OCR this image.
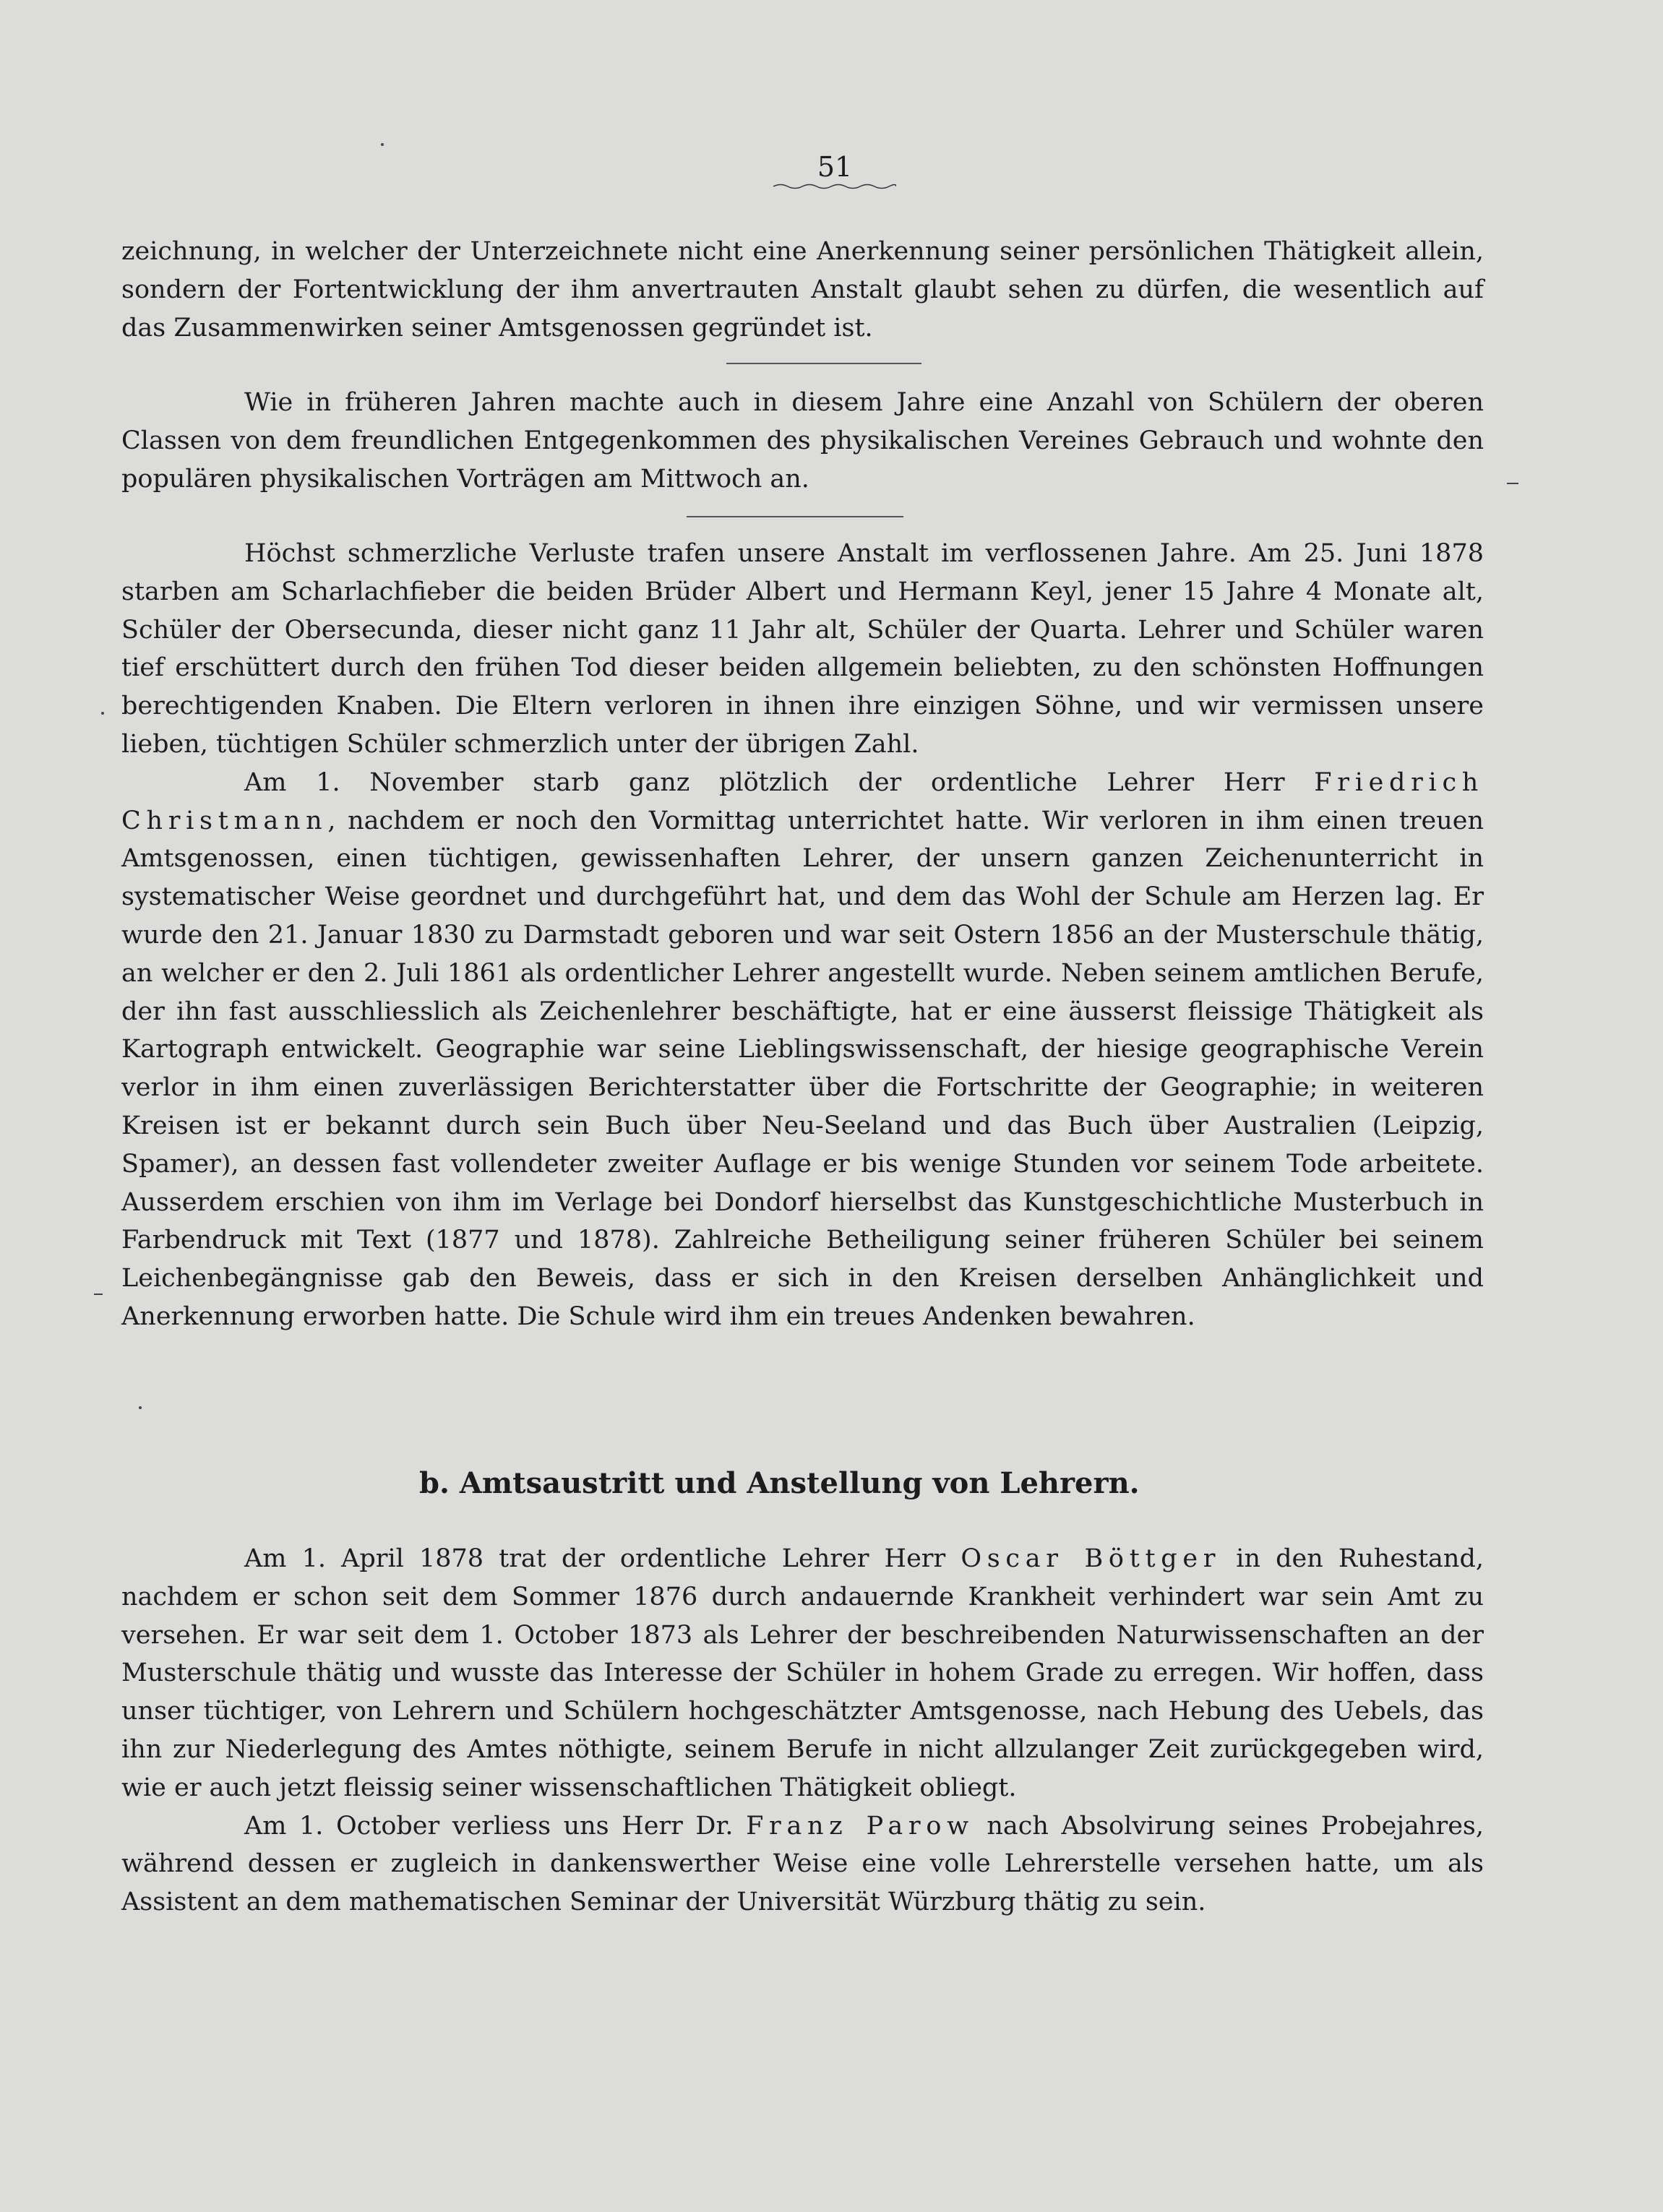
51

zeichnung, in welcher der Unterzeichnete nicht eine Anerkennung seiner persönlichen Thätigkeit allein, sondern der Fortentwicklung der ihm anvertrauten Anstalt glaubt sehen zu dürfen, die wesentlich auf das Zusammenwirken seiner Amtsgenossen gegründet ist.

Wie in früheren Jahren machte auch in diesem Jahre eine Anzahl von Schülern der oberen Classen von dem freundlichen Entgegenkommen des physikalischen Vereines Gebrauch und wohnte den populären physikalischen Vorträgen am Mittwoch an.

Höchst schmerzliche Verluste trafen unsere Anstalt im verflossenen Jahre. Am 25. Juni 1878 starben am Scharlachfieber die beiden Brüder Albert und Hermann Keyl, jener 15 Jahre 4 Monate alt, Schüler der Obersecunda, dieser nicht ganz 11 Jahr alt, Schüler der Quarta. Lehrer und Schüler waren tief erschüttert durch den frühen Tod dieser beiden allgemein beliebten, zu den schönsten Hoffnungen berechtigenden Knaben. Die Eltern verloren in ihnen ihre einzigen Söhne, und wir vermissen unsere lieben, tüchtigen Schüler schmerzlich unter der übrigen Zahl.

Am 1. November starb ganz plötzlich der ordentliche Lehrer Herr Friedrich Christmann, nachdem er noch den Vormittag unterrichtet hatte. Wir verloren in ihm einen treuen Amtsgenossen, einen tüchtigen, gewissenhaften Lehrer, der unsern ganzen Zeichenunterricht in systematischer Weise geordnet und durchgeführt hat, und dem das Wohl der Schule am Herzen lag. Er wurde den 21. Januar 1830 zu Darmstadt geboren und war seit Ostern 1856 an der Musterschule thätig, an welcher er den 2. Juli 1861 als ordentlicher Lehrer angestellt wurde. Neben seinem amtlichen Berufe, der ihn fast ausschliesslich als Zeichenlehrer beschäftigte, hat er eine äusserst fleissige Thätigkeit als Kartograph entwickelt. Geographie war seine Lieblingswissenschaft, der hiesige geographische Verein verlor in ihm einen zuverlässigen Berichterstatter über die Fortschritte der Geographie; in weiteren Kreisen ist er bekannt durch sein Buch über Neu-Seeland und das Buch über Australien (Leipzig, Spamer), an dessen fast vollendeter zweiter Auflage er bis wenige Stunden vor seinem Tode arbeitete. Ausserdem erschien von ihm im Verlage bei Dondorf hierselbst das Kunstgeschichtliche Musterbuch in Farbendruck mit Text (1877 und 1878). Zahlreiche Betheiligung seiner früheren Schüler bei seinem Leichenbegängnisse gab den Beweis, dass er sich in den Kreisen derselben Anhänglichkeit und Anerkennung erworben hatte. Die Schule wird ihm ein treues Andenken bewahren.

b. Amtsaustritt und Anstellung von Lehrern.

Am 1. April 1878 trat der ordentliche Lehrer Herr Oscar Böttger in den Ruhestand, nachdem er schon seit dem Sommer 1876 durch andauernde Krankheit verhindert war sein Amt zu versehen. Er war seit dem 1. October 1873 als Lehrer der beschreibenden Naturwissenschaften an der Musterschule thätig und wusste das Interesse der Schüler in hohem Grade zu erregen. Wir hoffen, dass unser tüchtiger, von Lehrern und Schülern hochgeschätzter Amtsgenosse, nach Hebung des Uebels, das ihn zur Niederlegung des Amtes nöthigte, seinem Berufe in nicht allzulanger Zeit zurückgegeben wird, wie er auch jetzt fleissig seiner wissenschaftlichen Thätigkeit obliegt.

Am 1. October verliess uns Herr Dr. Franz Parow nach Absolvirung seines Probejahres, während dessen er zugleich in dankenswerther Weise eine volle Lehrerstelle versehen hatte, um als Assistent an dem mathematischen Seminar der Universität Würzburg thätig zu sein.
